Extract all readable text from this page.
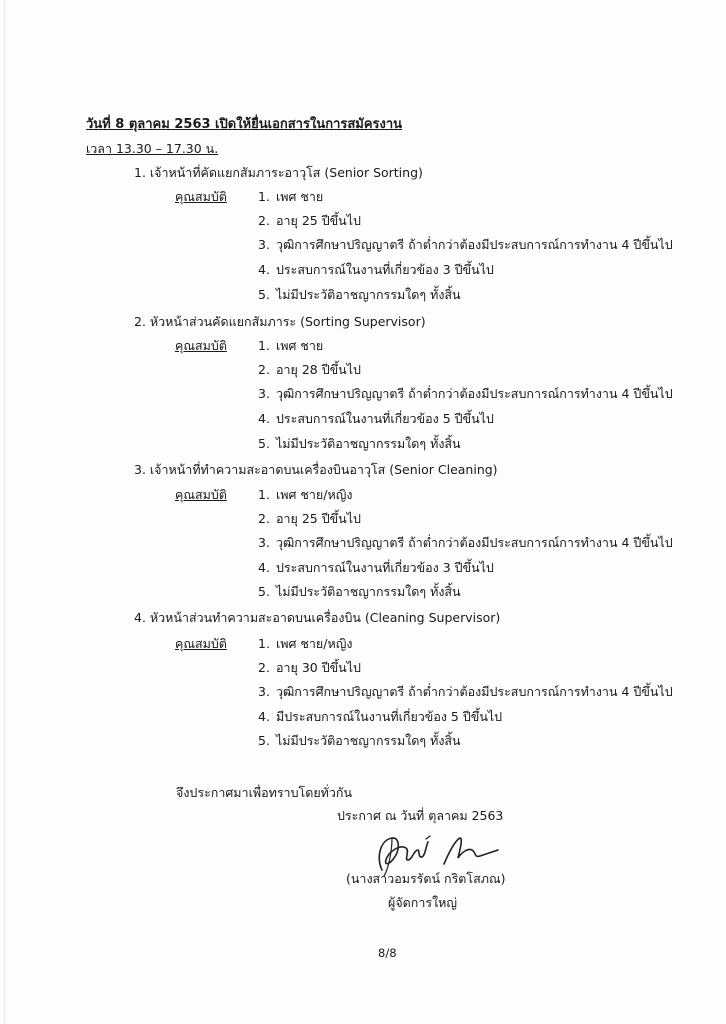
วันที่ 8 ตุลาคม 2563 เปิดให้ยื่นเอกสารในการสมัครงาน
เวลา 13.30 – 17.30 น.
1. เจ้าหน้าที่คัดแยกสัมภาระอาวุโส (Senior Sorting)
คุณสมบัติ 1. เพศ ชาย
2. อายุ 25 ปีขึ้นไป
3. วุฒิการศึกษาปริญญาตรี ถ้าต่ำกว่าต้องมีประสบการณ์การทำงาน 4 ปีขึ้นไป
4. ประสบการณ์ในงานที่เกี่ยวข้อง 3 ปีขึ้นไป
5. ไม่มีประวัติอาชญากรรมใดๆ ทั้งสิ้น
2. หัวหน้าส่วนคัดแยกสัมภาระ (Sorting Supervisor)
คุณสมบัติ 1. เพศ ชาย
2. อายุ 28 ปีขึ้นไป
3. วุฒิการศึกษาปริญญาตรี ถ้าต่ำกว่าต้องมีประสบการณ์การทำงาน 4 ปีขึ้นไป
4. ประสบการณ์ในงานที่เกี่ยวข้อง 5 ปีขึ้นไป
5. ไม่มีประวัติอาชญากรรมใดๆ ทั้งสิ้น
3. เจ้าหน้าที่ทำความสะอาดบนเครื่องบินอาวุโส (Senior Cleaning)
คุณสมบัติ 1. เพศ ชาย/หญิง
2. อายุ 25 ปีขึ้นไป
3. วุฒิการศึกษาปริญญาตรี ถ้าต่ำกว่าต้องมีประสบการณ์การทำงาน 4 ปีขึ้นไป
4. ประสบการณ์ในงานที่เกี่ยวข้อง 3 ปีขึ้นไป
5. ไม่มีประวัติอาชญากรรมใดๆ ทั้งสิ้น
4. หัวหน้าส่วนทำความสะอาดบนเครื่องบิน (Cleaning Supervisor)
คุณสมบัติ 1. เพศ ชาย/หญิง
2. อายุ 30 ปีขึ้นไป
3. วุฒิการศึกษาปริญญาตรี ถ้าต่ำกว่าต้องมีประสบการณ์การทำงาน 4 ปีขึ้นไป
4. มีประสบการณ์ในงานที่เกี่ยวข้อง 5 ปีขึ้นไป
5. ไม่มีประวัติอาชญากรรมใดๆ ทั้งสิ้น
จึงประกาศมาเพื่อทราบโดยทั่วกัน
ประกาศ ณ วันที่ ตุลาคม 2563
(นางสาวอมรรัตน์ กริตโสภณ)
ผู้จัดการใหญ่
8/8
